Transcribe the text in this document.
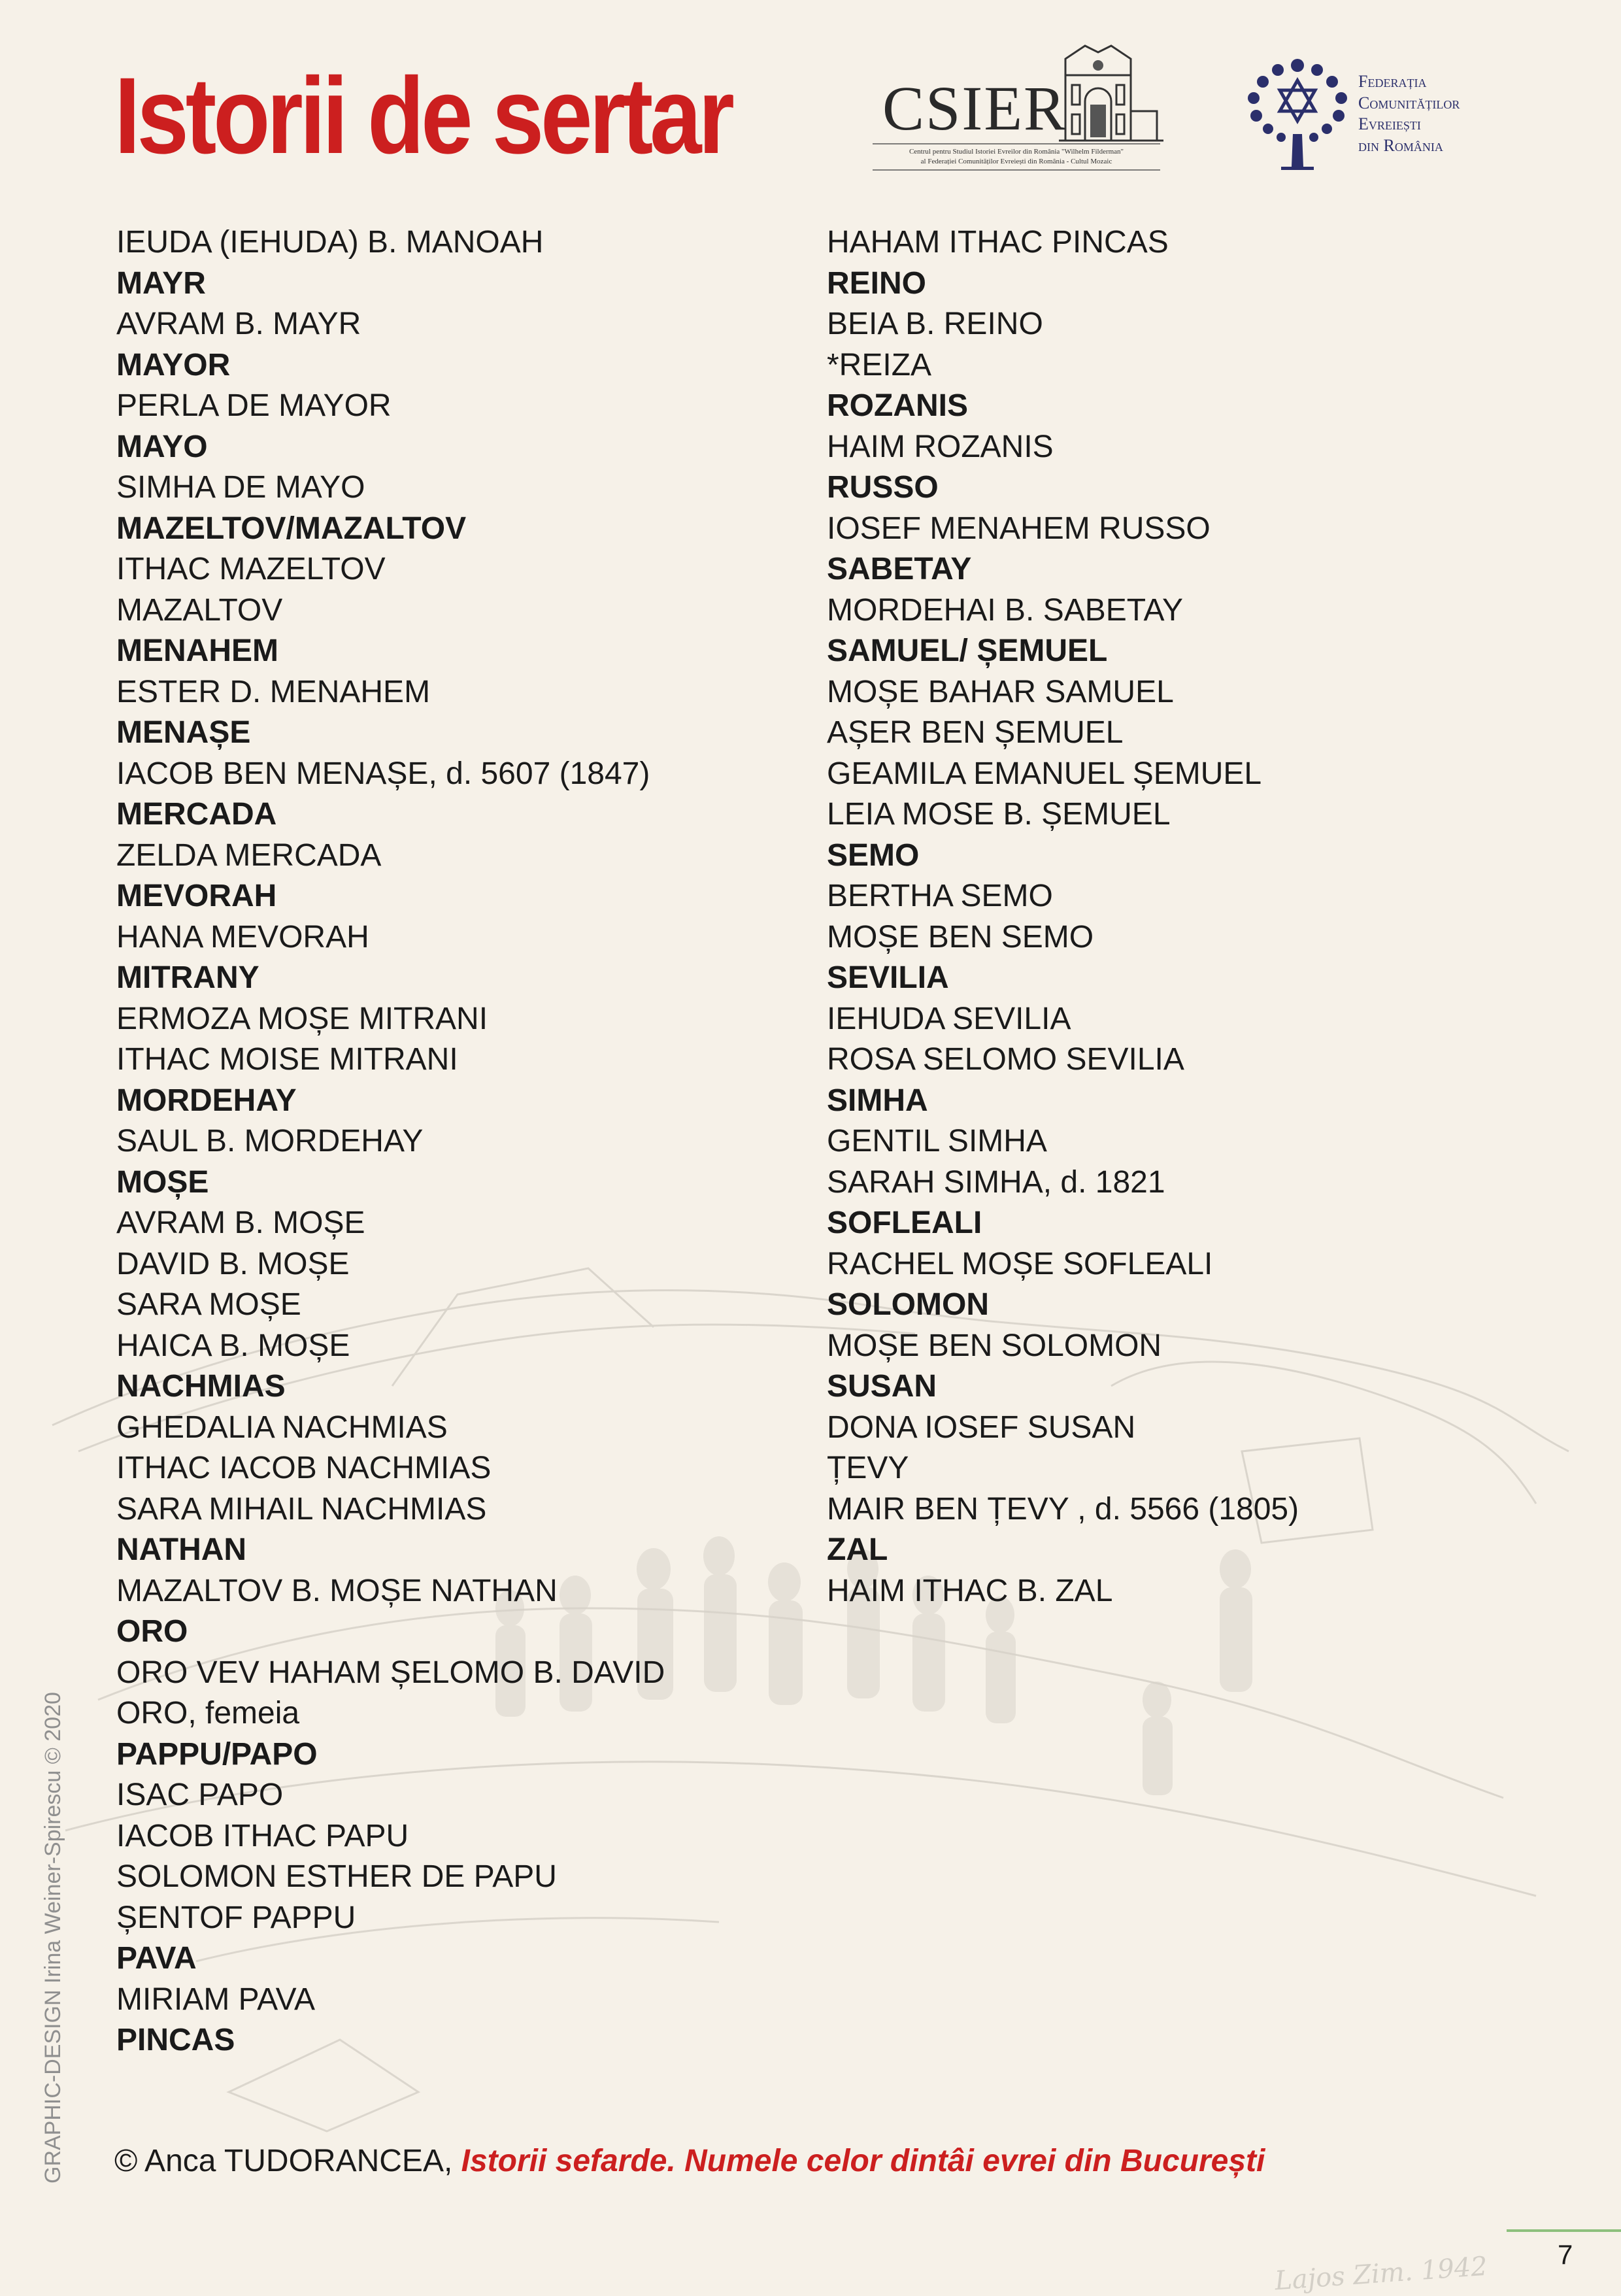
Istorii de sertar CSIER
Centrul pentru Studiul Istoriei Evreilor din România "Wilhelm Filderman"
al Federației Comunităților Evreiești din România - Cultul Mozaic
Federația
Comunităților
Evreiești
din România
IEUDA (IEHUDA) B. MANOAH
MAYR
AVRAM B. MAYR
MAYOR
PERLA DE MAYOR
MAYO
SIMHA DE MAYO
MAZELTOV/MAZALTOV
ITHAC MAZELTOV
MAZALTOV
MENAHEM
ESTER D. MENAHEM
MENAȘE
IACOB BEN MENAȘE, d. 5607 (1847)
MERCADA
ZELDA MERCADA
MEVORAH
HANA MEVORAH
MITRANY
ERMOZA MOȘE MITRANI
ITHAC MOISE MITRANI
MORDEHAY
SAUL B. MORDEHAY
MOȘE
AVRAM B. MOȘE
DAVID B. MOȘE
SARA MOȘE
HAICA B. MOȘE
NACHMIAS
GHEDALIA NACHMIAS
ITHAC IACOB NACHMIAS
SARA MIHAIL NACHMIAS
NATHAN
MAZALTOV B. MOȘE NATHAN
ORO
ORO VEV HAHAM ȘELOMO B. DAVID
ORO, femeia
PAPPU/PAPO
ISAC PAPO
IACOB ITHAC PAPU
SOLOMON ESTHER DE PAPU
ȘENTOF PAPPU
PAVA
MIRIAM PAVA
PINCAS
HAHAM ITHAC PINCAS
REINO
BEIA B. REINO
*REIZA
ROZANIS
HAIM ROZANIS
RUSSO
IOSEF MENAHEM RUSSO
SABETAY
MORDEHAI B. SABETAY
SAMUEL/ ȘEMUEL
MOȘE BAHAR SAMUEL
AȘER BEN ȘEMUEL
GEAMILA EMANUEL ȘEMUEL
LEIA MOSE B. ȘEMUEL
SEMO
BERTHA SEMO
MOȘE BEN SEMO
SEVILIA
IEHUDA SEVILIA
ROSA SELOMO SEVILIA
SIMHA
GENTIL SIMHA
SARAH SIMHA, d. 1821
SOFLEALI
RACHEL MOȘE SOFLEALI
SOLOMON
MOȘE BEN SOLOMON
SUSAN
DONA IOSEF SUSAN
ȚEVY
MAIR BEN ȚEVY , d. 5566 (1805)
ZAL
HAIM ITHAC B. ZAL
GRAPHIC-DESIGN Irina Weiner-Spirescu © 2020 © Anca TUDORANCEA, Istorii sefarde. Numele celor dintâi evrei din București
Lajos Zim. 1942	7
